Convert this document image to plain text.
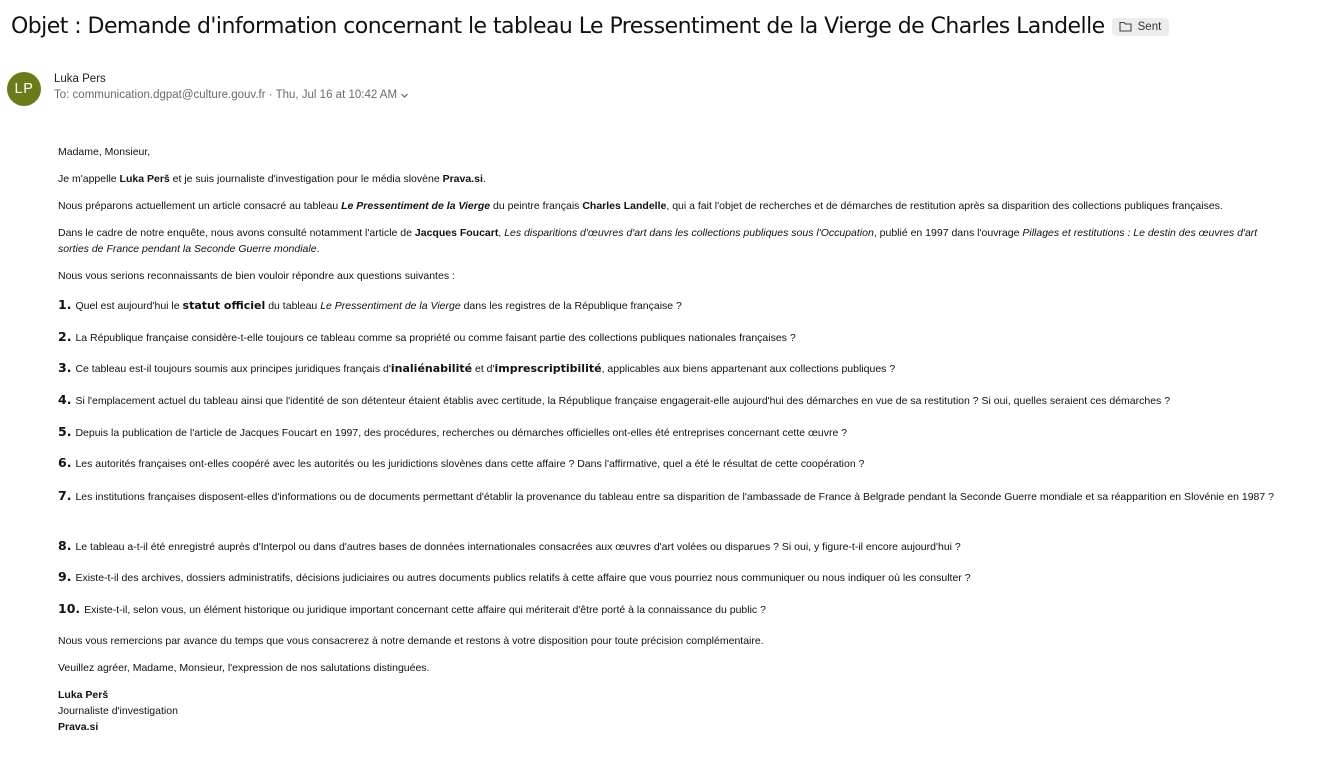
Objet : Demande d'information concernant le tableau Le Pressentiment de la Vierge de Charles Landelle	Sent
LP
Luka Pers
To:
communication.dgpat@culture.gouv.fr
· Thu, Jul 16 at 10:42 AM
Madame, Monsieur,
Je m'appelle Luka Perš et je suis journaliste d'investigation pour le média slovène Prava.si.
Nous préparons actuellement un article consacré au tableau Le Pressentiment de la Vierge du peintre français Charles Landelle, qui a fait l'objet de recherches et de démarches de restitution après sa disparition des collections publiques françaises.
Dans le cadre de notre enquête, nous avons consulté notamment l'article de Jacques Foucart, Les disparitions d'œuvres d'art dans les collections publiques sous l'Occupation, publié en 1997 dans l'ouvrage Pillages et restitutions : Le destin des œuvres d'art sorties de France pendant la Seconde Guerre mondiale.
Nous vous serions reconnaissants de bien vouloir répondre aux questions suivantes :
1. Quel est aujourd'hui le statut officiel du tableau Le Pressentiment de la Vierge dans les registres de la République française ?
2. La République française considère-t-elle toujours ce tableau comme sa propriété ou comme faisant partie des collections publiques nationales françaises ?
3. Ce tableau est-il toujours soumis aux principes juridiques français d'inaliénabilité et d'imprescriptibilité, applicables aux biens appartenant aux collections publiques ?
4. Si l'emplacement actuel du tableau ainsi que l'identité de son détenteur étaient établis avec certitude, la République française engagerait-elle aujourd'hui des démarches en vue de sa restitution ? Si oui, quelles seraient ces démarches ?
5. Depuis la publication de l'article de Jacques Foucart en 1997, des procédures, recherches ou démarches officielles ont-elles été entreprises concernant cette œuvre ?
6. Les autorités françaises ont-elles coopéré avec les autorités ou les juridictions slovènes dans cette affaire ? Dans l'affirmative, quel a été le résultat de cette coopération ?
7. Les institutions françaises disposent-elles d'informations ou de documents permettant d'établir la provenance du tableau entre sa disparition de l'ambassade de France à Belgrade pendant la Seconde Guerre mondiale et sa réapparition en Slovénie en 1987 ?
8. Le tableau a-t-il été enregistré auprès d'Interpol ou dans d'autres bases de données internationales consacrées aux œuvres d'art volées ou disparues ? Si oui, y figure-t-il encore aujourd'hui ?
9. Existe-t-il des archives, dossiers administratifs, décisions judiciaires ou autres documents publics relatifs à cette affaire que vous pourriez nous communiquer ou nous indiquer où les consulter ?
10. Existe-t-il, selon vous, un élément historique ou juridique important concernant cette affaire qui mériterait d'être porté à la connaissance du public ?
Nous vous remercions par avance du temps que vous consacrerez à notre demande et restons à votre disposition pour toute précision complémentaire.
Veuillez agréer, Madame, Monsieur, l'expression de nos salutations distinguées.
Luka Perš
Journaliste d'investigation
Prava.si
